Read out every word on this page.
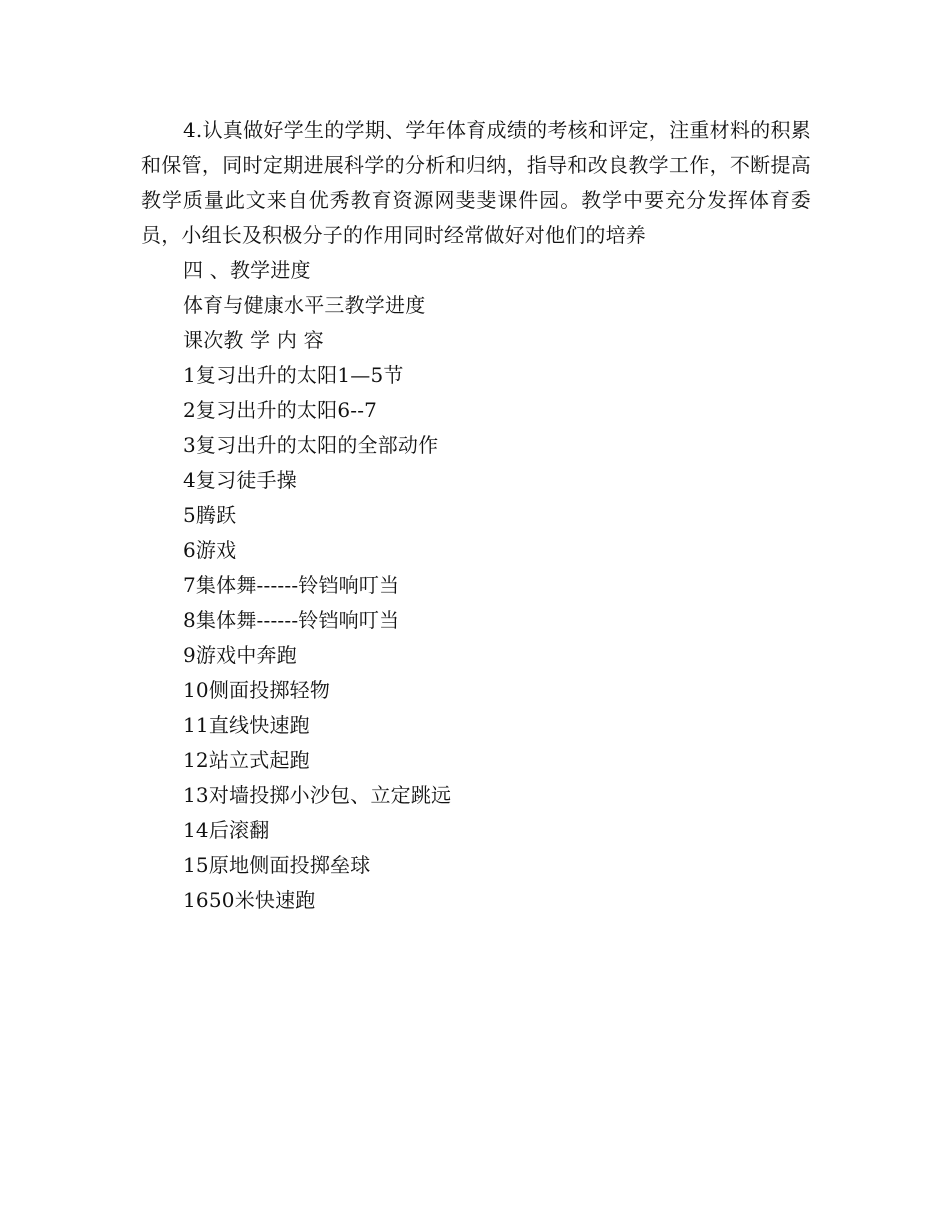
4.认真做好学生的学期、学年体育成绩的考核和评定，注重材料的积累和保管，同时定期进展科学的分析和归纳，指导和改良教学工作，不断提高教学质量此文来自优秀教育资源网斐斐课件园。教学中要充分发挥体育委员，小组长及积极分子的作用同时经常做好对他们的培养

四 、教学进度

体育与健康水平三教学进度

课次教 学 内 容

1复习出升的太阳1—5节

2复习出升的太阳6--7

3复习出升的太阳的全部动作

4复习徒手操

5腾跃

6游戏

7集体舞------铃铛响叮当

8集体舞------铃铛响叮当

9游戏中奔跑

10侧面投掷轻物

11直线快速跑

12站立式起跑

13对墙投掷小沙包、立定跳远

14后滚翻

15原地侧面投掷垒球

1650米快速跑
